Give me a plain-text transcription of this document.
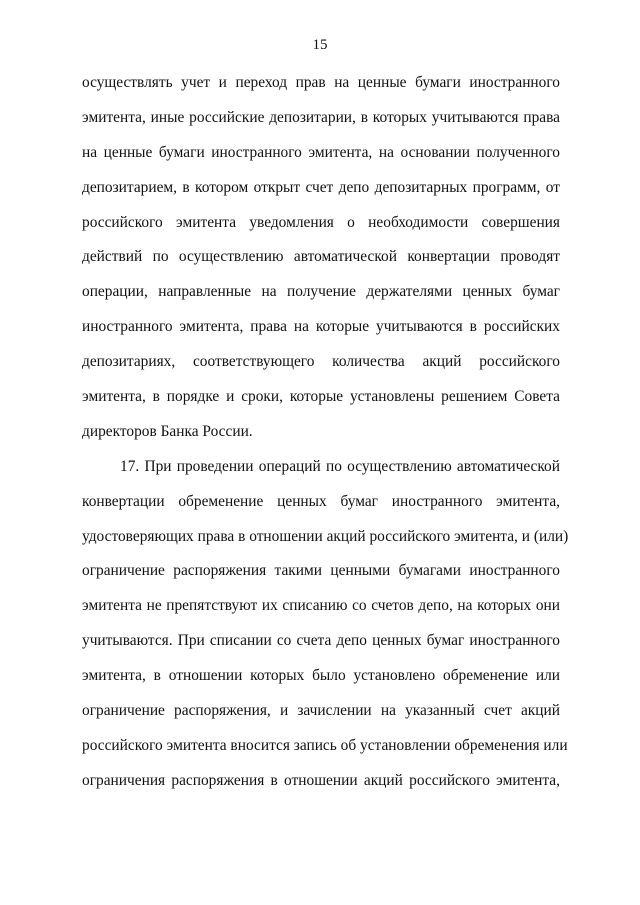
15
осуществлять учет и переход прав на ценные бумаги иностранного
эмитента, иные российские депозитарии, в которых учитываются права
на ценные бумаги иностранного эмитента, на основании полученного
депозитарием, в котором открыт счет депо депозитарных программ, от
российского эмитента уведомления о необходимости совершения
действий по осуществлению автоматической конвертации проводят
операции, направленные на получение держателями ценных бумаг
иностранного эмитента, права на которые учитываются в российских
депозитариях, соответствующего количества акций российского
эмитента, в порядке и сроки, которые установлены решением Совета
директоров Банка России.
17. При проведении операций по осуществлению автоматической
конвертации обременение ценных бумаг иностранного эмитента,
удостоверяющих права в отношении акций российского эмитента, и (или)
ограничение распоряжения такими ценными бумагами иностранного
эмитента не препятствуют их списанию со счетов депо, на которых они
учитываются. При списании со счета депо ценных бумаг иностранного
эмитента, в отношении которых было установлено обременение или
ограничение распоряжения, и зачислении на указанный счет акций
российского эмитента вносится запись об установлении обременения или
ограничения распоряжения в отношении акций российского эмитента,
